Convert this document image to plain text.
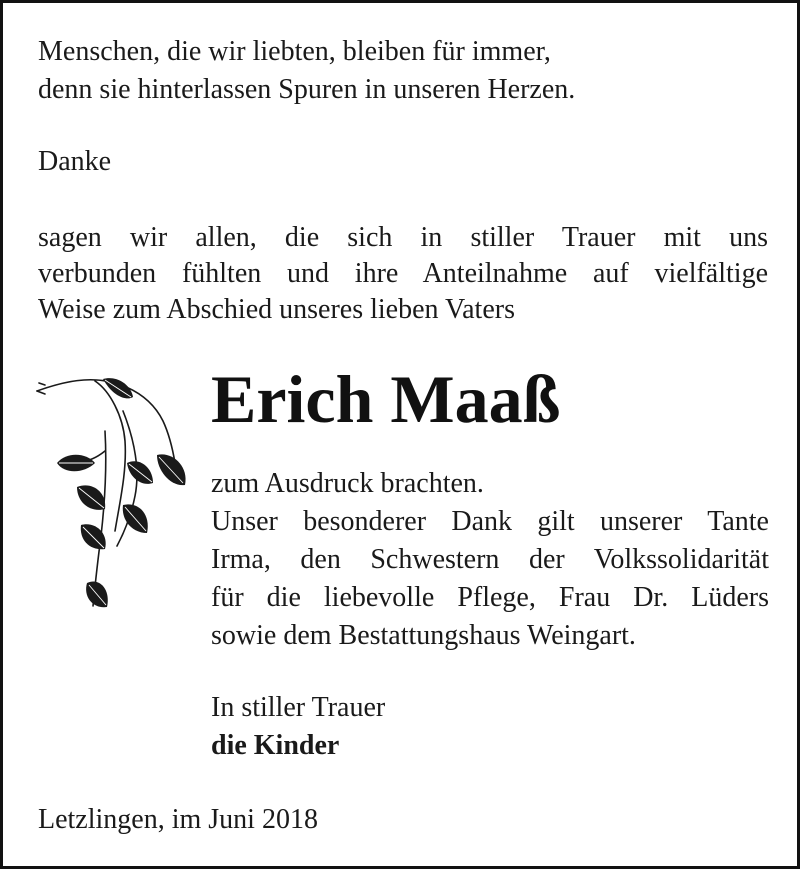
Menschen, die wir liebten, bleiben für immer,
denn sie hinterlassen Spuren in unseren Herzen.
Danke
sagen wir allen, die sich in stiller Trauer mit uns
verbunden fühlten und ihre Anteilnahme auf vielfältige
Weise zum Abschied unseres lieben Vaters
Erich Maaß
zum Ausdruck brachten.
Unser besonderer Dank gilt unserer Tante
Irma, den Schwestern der Volkssolidarität
für die liebevolle Pflege, Frau Dr. Lüders
sowie dem Bestattungshaus Weingart.
In stiller Trauer
die Kinder
Letzlingen, im Juni 2018
